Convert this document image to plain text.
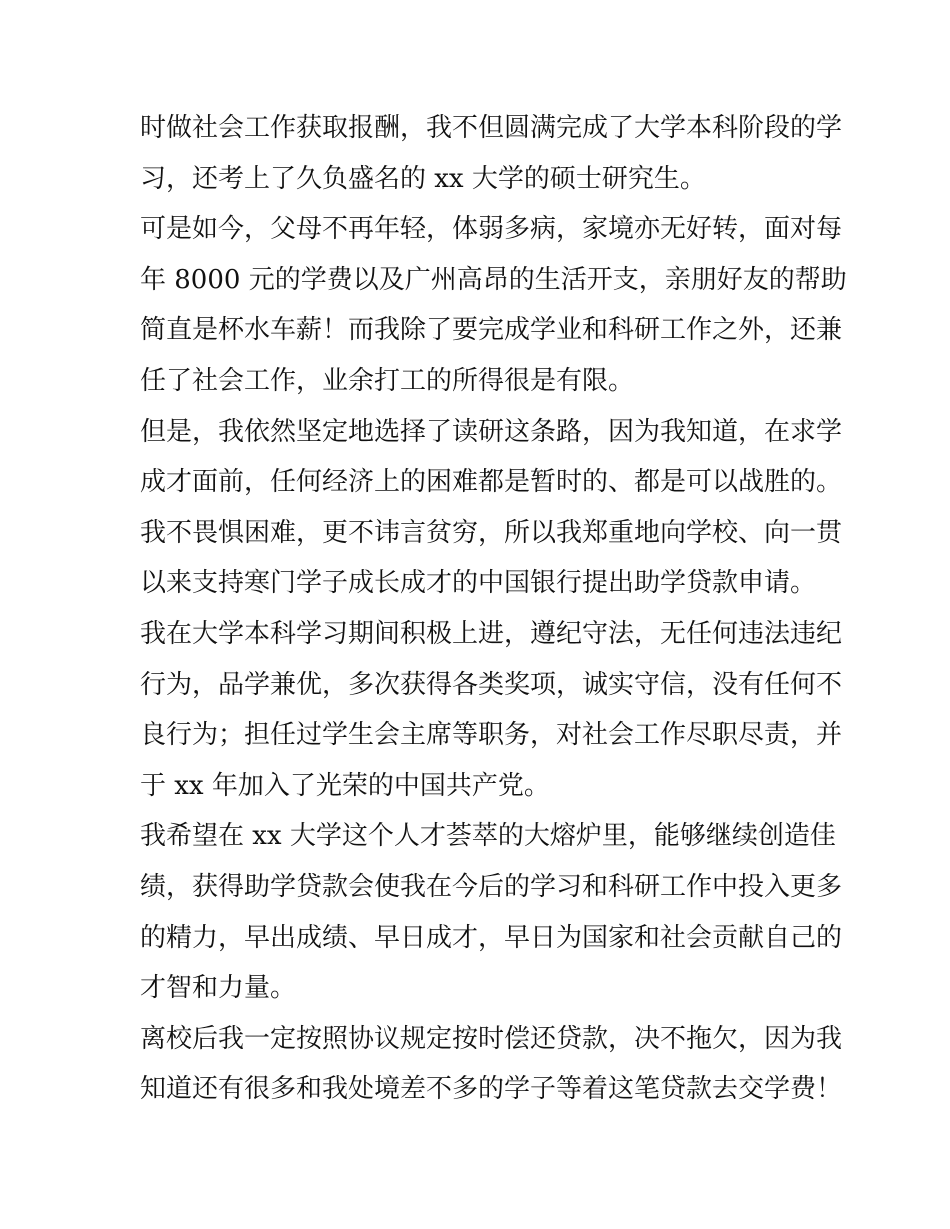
时做社会工作获取报酬，我不但圆满完成了大学本科阶段的学
习，还考上了久负盛名的 xx 大学的硕士研究生。
可是如今，父母不再年轻，体弱多病，家境亦无好转，面对每
年 8000 元的学费以及广州高昂的生活开支，亲朋好友的帮助
简直是杯水车薪！而我除了要完成学业和科研工作之外，还兼
任了社会工作，业余打工的所得很是有限。
但是，我依然坚定地选择了读研这条路，因为我知道，在求学
成才面前，任何经济上的困难都是暂时的、都是可以战胜的。
我不畏惧困难，更不讳言贫穷，所以我郑重地向学校、向一贯
以来支持寒门学子成长成才的中国银行提出助学贷款申请。
我在大学本科学习期间积极上进，遵纪守法，无任何违法违纪
行为，品学兼优，多次获得各类奖项，诚实守信，没有任何不
良行为；担任过学生会主席等职务，对社会工作尽职尽责，并
于 xx 年加入了光荣的中国共产党。
我希望在 xx 大学这个人才荟萃的大熔炉里，能够继续创造佳
绩，获得助学贷款会使我在今后的学习和科研工作中投入更多
的精力，早出成绩、早日成才，早日为国家和社会贡献自己的
才智和力量。
离校后我一定按照协议规定按时偿还贷款，决不拖欠，因为我
知道还有很多和我处境差不多的学子等着这笔贷款去交学费！
